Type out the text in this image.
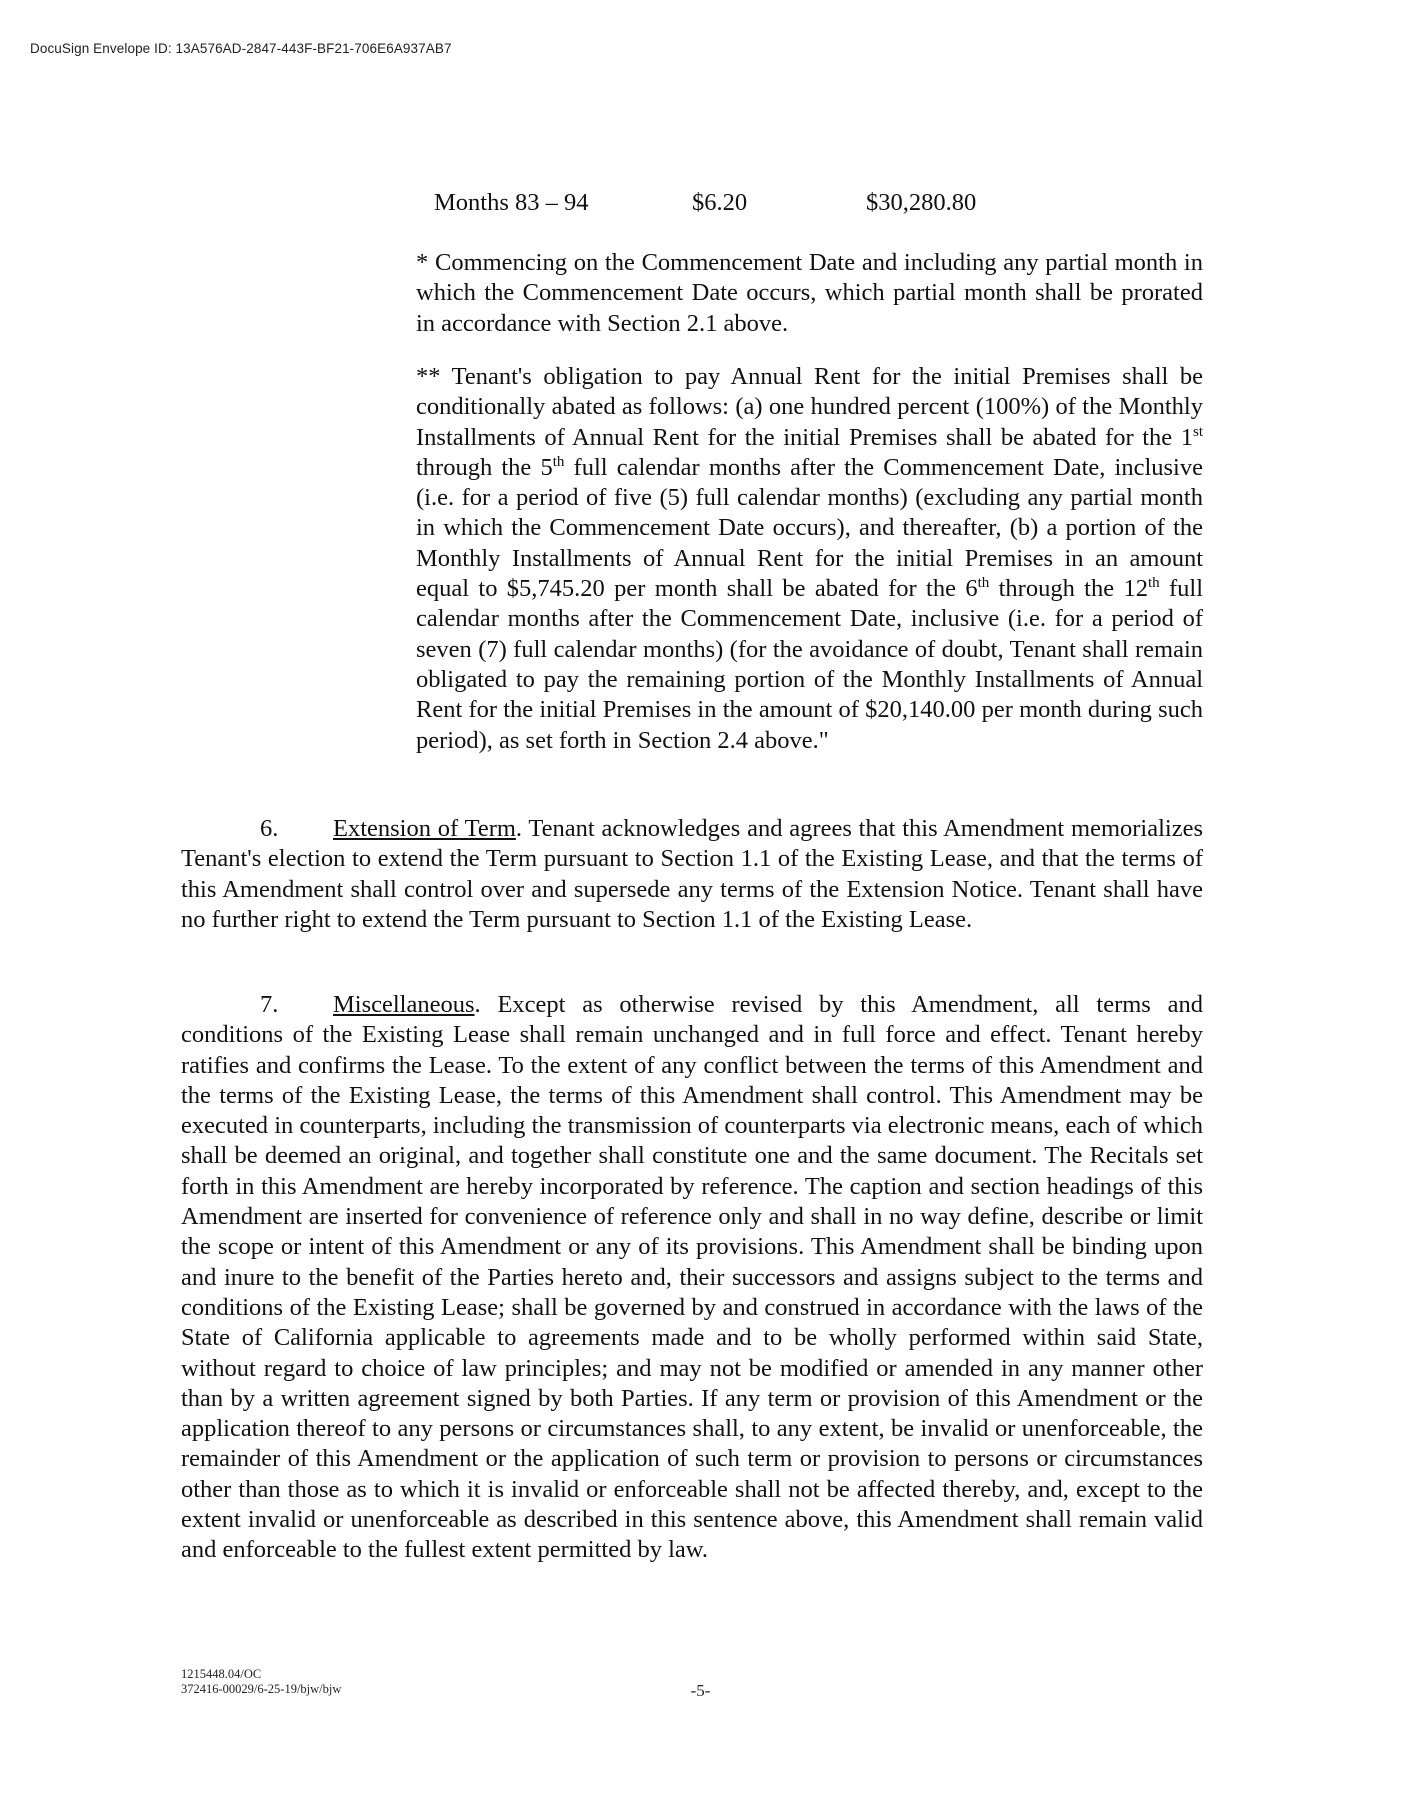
DocuSign Envelope ID: 13A576AD-2847-443F-BF21-706E6A937AB7
Months 83 – 94	$6.20	$30,280.80
* Commencing on the Commencement Date and including any partial month in which the Commencement Date occurs, which partial month shall be prorated in accordance with Section 2.1 above.
** Tenant's obligation to pay Annual Rent for the initial Premises shall be conditionally abated as follows: (a) one hundred percent (100%) of the Monthly Installments of Annual Rent for the initial Premises shall be abated for the 1st through the 5th full calendar months after the Commencement Date, inclusive (i.e. for a period of five (5) full calendar months) (excluding any partial month in which the Commencement Date occurs), and thereafter, (b) a portion of the Monthly Installments of Annual Rent for the initial Premises in an amount equal to $5,745.20 per month shall be abated for the 6th through the 12th full calendar months after the Commencement Date, inclusive (i.e. for a period of seven (7) full calendar months) (for the avoidance of doubt, Tenant shall remain obligated to pay the remaining portion of the Monthly Installments of Annual Rent for the initial Premises in the amount of $20,140.00 per month during such period), as set forth in Section 2.4 above."
6. Extension of Term. Tenant acknowledges and agrees that this Amendment memorializes Tenant's election to extend the Term pursuant to Section 1.1 of the Existing Lease, and that the terms of this Amendment shall control over and supersede any terms of the Extension Notice. Tenant shall have no further right to extend the Term pursuant to Section 1.1 of the Existing Lease.
7. Miscellaneous. Except as otherwise revised by this Amendment, all terms and conditions of the Existing Lease shall remain unchanged and in full force and effect. Tenant hereby ratifies and confirms the Lease. To the extent of any conflict between the terms of this Amendment and the terms of the Existing Lease, the terms of this Amendment shall control. This Amendment may be executed in counterparts, including the transmission of counterparts via electronic means, each of which shall be deemed an original, and together shall constitute one and the same document. The Recitals set forth in this Amendment are hereby incorporated by reference. The caption and section headings of this Amendment are inserted for convenience of reference only and shall in no way define, describe or limit the scope or intent of this Amendment or any of its provisions. This Amendment shall be binding upon and inure to the benefit of the Parties hereto and, their successors and assigns subject to the terms and conditions of the Existing Lease; shall be governed by and construed in accordance with the laws of the State of California applicable to agreements made and to be wholly performed within said State, without regard to choice of law principles; and may not be modified or amended in any manner other than by a written agreement signed by both Parties. If any term or provision of this Amendment or the application thereof to any persons or circumstances shall, to any extent, be invalid or unenforceable, the remainder of this Amendment or the application of such term or provision to persons or circumstances other than those as to which it is invalid or enforceable shall not be affected thereby, and, except to the extent invalid or unenforceable as described in this sentence above, this Amendment shall remain valid and enforceable to the fullest extent permitted by law.
1215448.04/OC
372416-00029/6-25-19/bjw/bjw	-5-
